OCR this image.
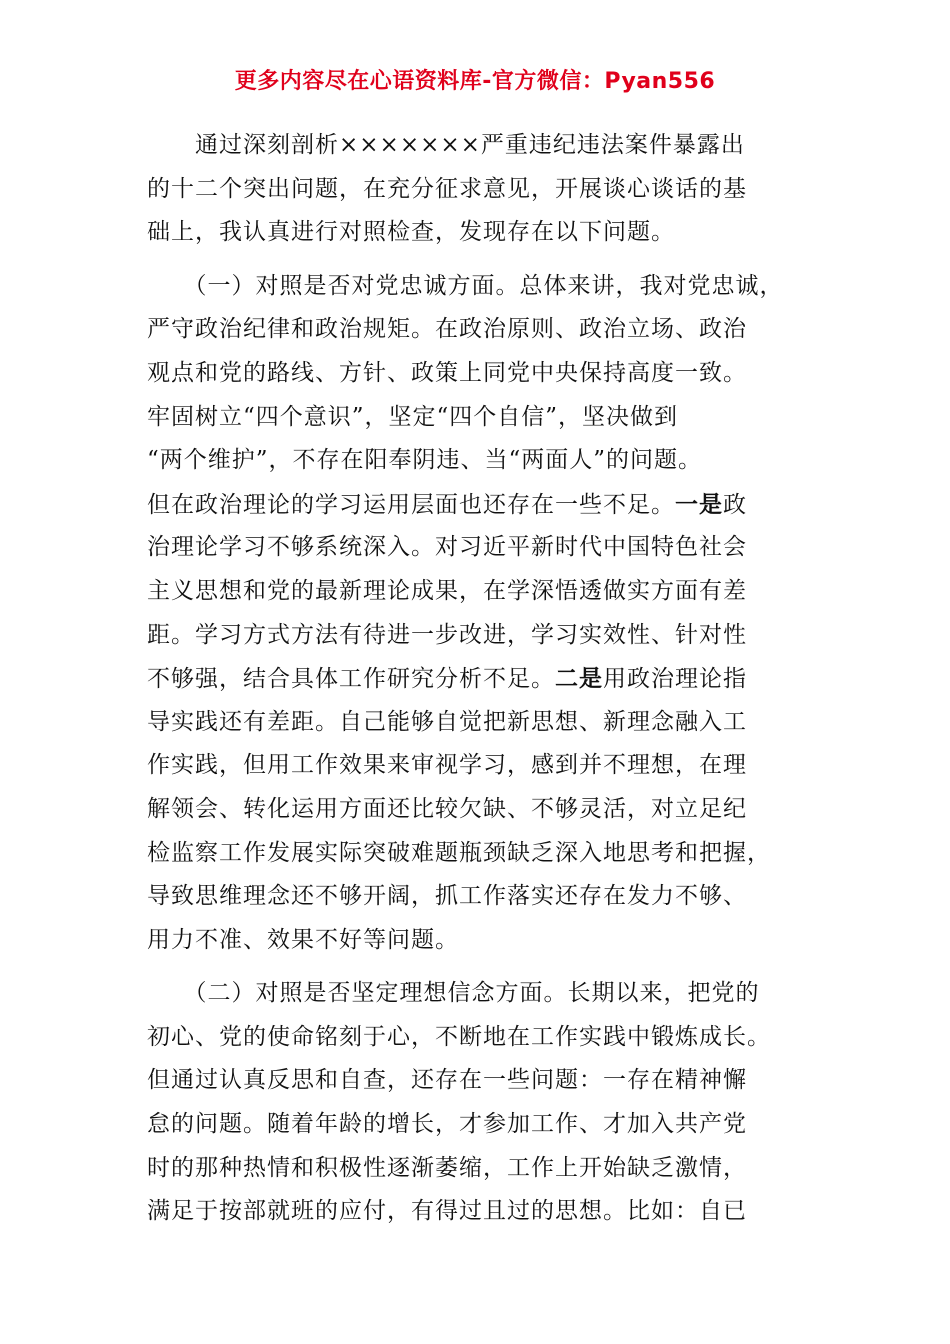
更多内容尽在心语资料库-官方微信：Pyan556
　　通过深刻剖析×××××××严重违纪违法案件暴露出
的十二个突出问题，在充分征求意见，开展谈心谈话的基
础上，我认真进行对照检查，发现存在以下问题。
　　（一）对照是否对党忠诚方面。总体来讲，我对党忠诚，
严守政治纪律和政治规矩。在政治原则、政治立场、政治
观点和党的路线、方针、政策上同党中央保持高度一致。
牢固树立“四个意识”，坚定“四个自信”，坚决做到
“两个维护”，不存在阳奉阴违、当“两面人”的问题。
但在政治理论的学习运用层面也还存在一些不足。一是政
治理论学习不够系统深入。对习近平新时代中国特色社会
主义思想和党的最新理论成果，在学深悟透做实方面有差
距。学习方式方法有待进一步改进，学习实效性、针对性
不够强，结合具体工作研究分析不足。二是用政治理论指
导实践还有差距。自己能够自觉把新思想、新理念融入工
作实践，但用工作效果来审视学习，感到并不理想，在理
解领会、转化运用方面还比较欠缺、不够灵活，对立足纪
检监察工作发展实际突破难题瓶颈缺乏深入地思考和把握，
导致思维理念还不够开阔，抓工作落实还存在发力不够、
用力不准、效果不好等问题。
　　（二）对照是否坚定理想信念方面。长期以来，把党的
初心、党的使命铭刻于心，不断地在工作实践中锻炼成长。
但通过认真反思和自查，还存在一些问题：一存在精神懈
怠的问题。随着年龄的增长，才参加工作、才加入共产党
时的那种热情和积极性逐渐萎缩，工作上开始缺乏激情，
满足于按部就班的应付，有得过且过的思想。比如：自已
